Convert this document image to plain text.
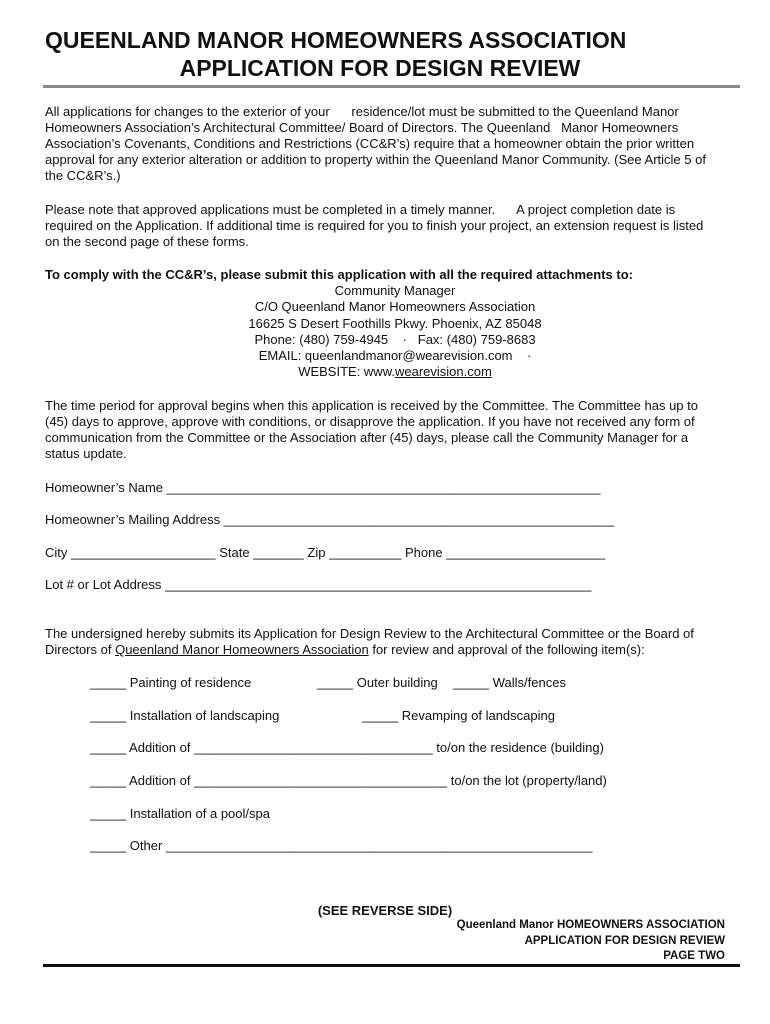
QUEENLAND MANOR HOMEOWNERS ASSOCIATION
APPLICATION FOR DESIGN REVIEW
All applications for changes to the exterior of your      residence/lot must be submitted to the Queenland Manor
Homeowners Association’s Architectural Committee/ Board of Directors. The Queenland   Manor Homeowners
Association’s Covenants, Conditions and Restrictions (CC&R’s) require that a homeowner obtain the prior written
approval for any exterior alteration or addition to property within the Queenland Manor Community. (See Article 5 of
the CC&R’s.)
Please note that approved applications must be completed in a timely manner.      A project completion date is
required on the Application. If additional time is required for you to finish your project, an extension request is listed
on the second page of these forms.
To comply with the CC&R’s, please submit this application with all the required attachments to:
Community Manager
C/O Queenland Manor Homeowners Association
16625 S Desert Foothills Pkwy. Phoenix, AZ 85048
Phone: (480) 759-4945    ·   Fax: (480) 759-8683
EMAIL: queenlandmanor@wearevision.com    ·
WEBSITE: www.wearevision.com
The time period for approval begins when this application is received by the Committee. The Committee has up to
(45) days to approve, approve with conditions, or disapprove the application. If you have not received any form of
communication from the Committee or the Association after (45) days, please call the Community Manager for a
status update.
Homeowner’s Name ____________________________________________________________
Homeowner’s Mailing Address ______________________________________________________
City ____________________ State _______ Zip __________ Phone ______________________
Lot # or Lot Address ___________________________________________________________
The undersigned hereby submits its Application for Design Review to the Architectural Committee or the Board of
Directors of Queenland Manor Homeowners Association for review and approval of the following item(s):
_____ Painting of residence	_____ Outer building _____ Walls/fences
_____ Installation of landscaping	_____ Revamping of landscaping
_____ Addition of _________________________________ to/on the residence (building)
_____ Addition of ___________________________________ to/on the lot (property/land)
_____ Installation of a pool/spa
_____ Other ___________________________________________________________
(SEE REVERSE SIDE)
Queenland Manor HOMEOWNERS ASSOCIATION
APPLICATION FOR DESIGN REVIEW
PAGE TWO
